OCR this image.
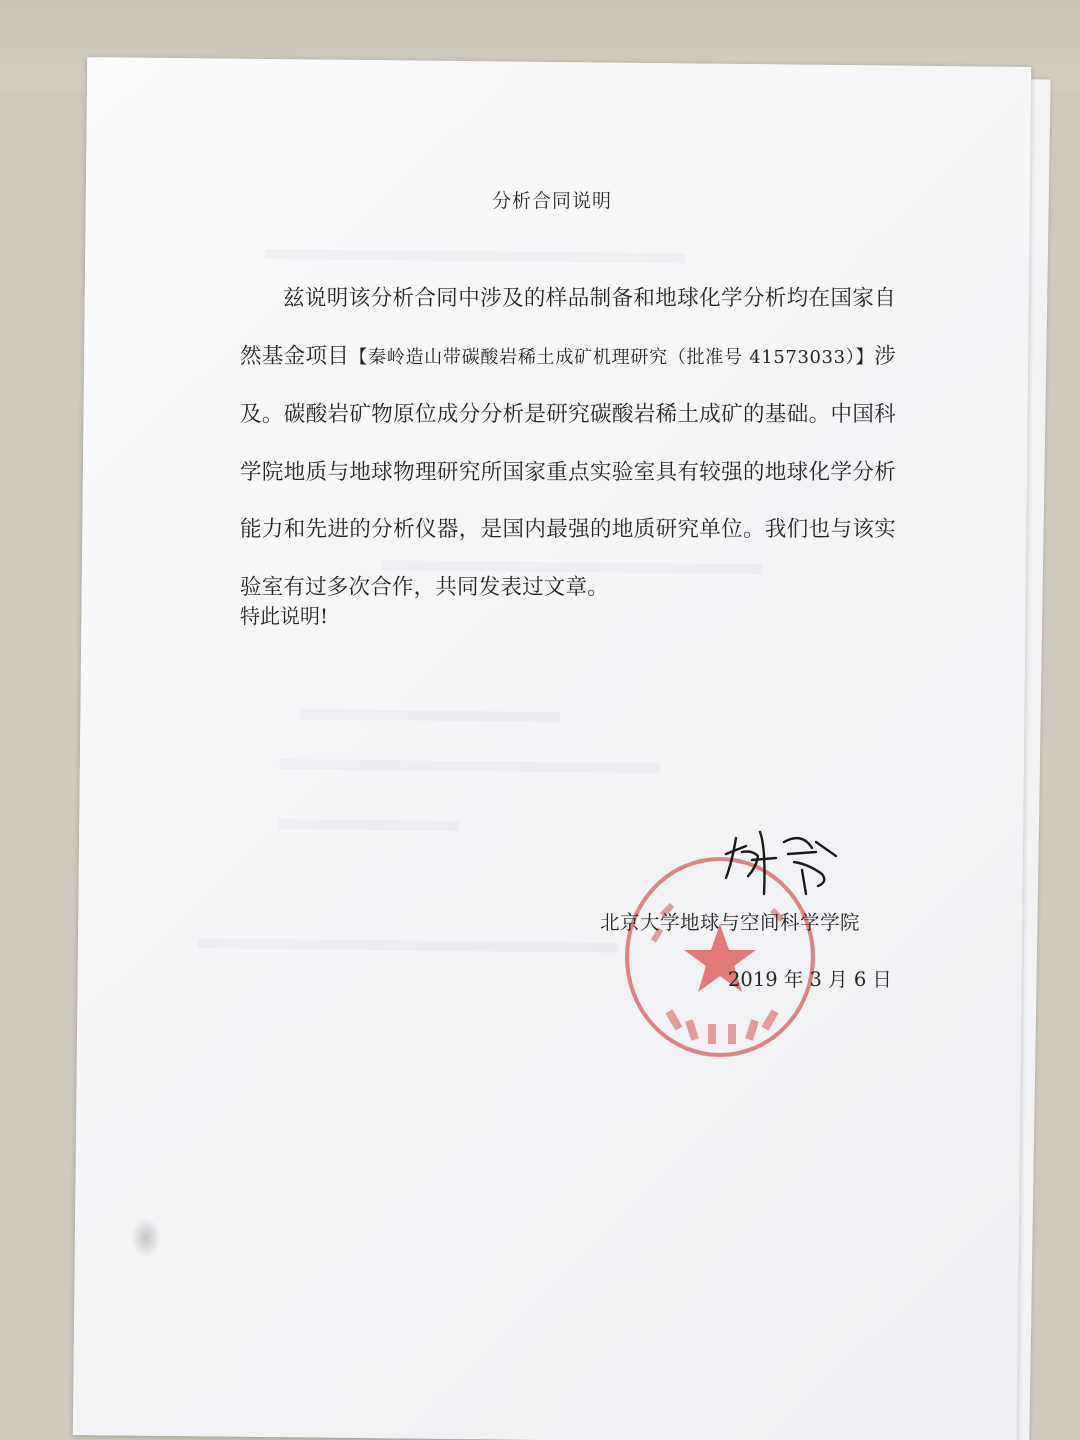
分析合同说明
兹说明该分析合同中涉及的样品制备和地球化学分析均在国家自然基金项目【秦岭造山带碳酸岩稀土成矿机理研究（批准号 41573033）】涉及。碳酸岩矿物原位成分分析是研究碳酸岩稀土成矿的基础。中国科学院地质与地球物理研究所国家重点实验室具有较强的地球化学分析能力和先进的分析仪器，是国内最强的地质研究单位。我们也与该实验室有过多次合作，共同发表过文章。
特此说明!
北京大学地球与空间科学学院
2019 年 3 月 6 日
